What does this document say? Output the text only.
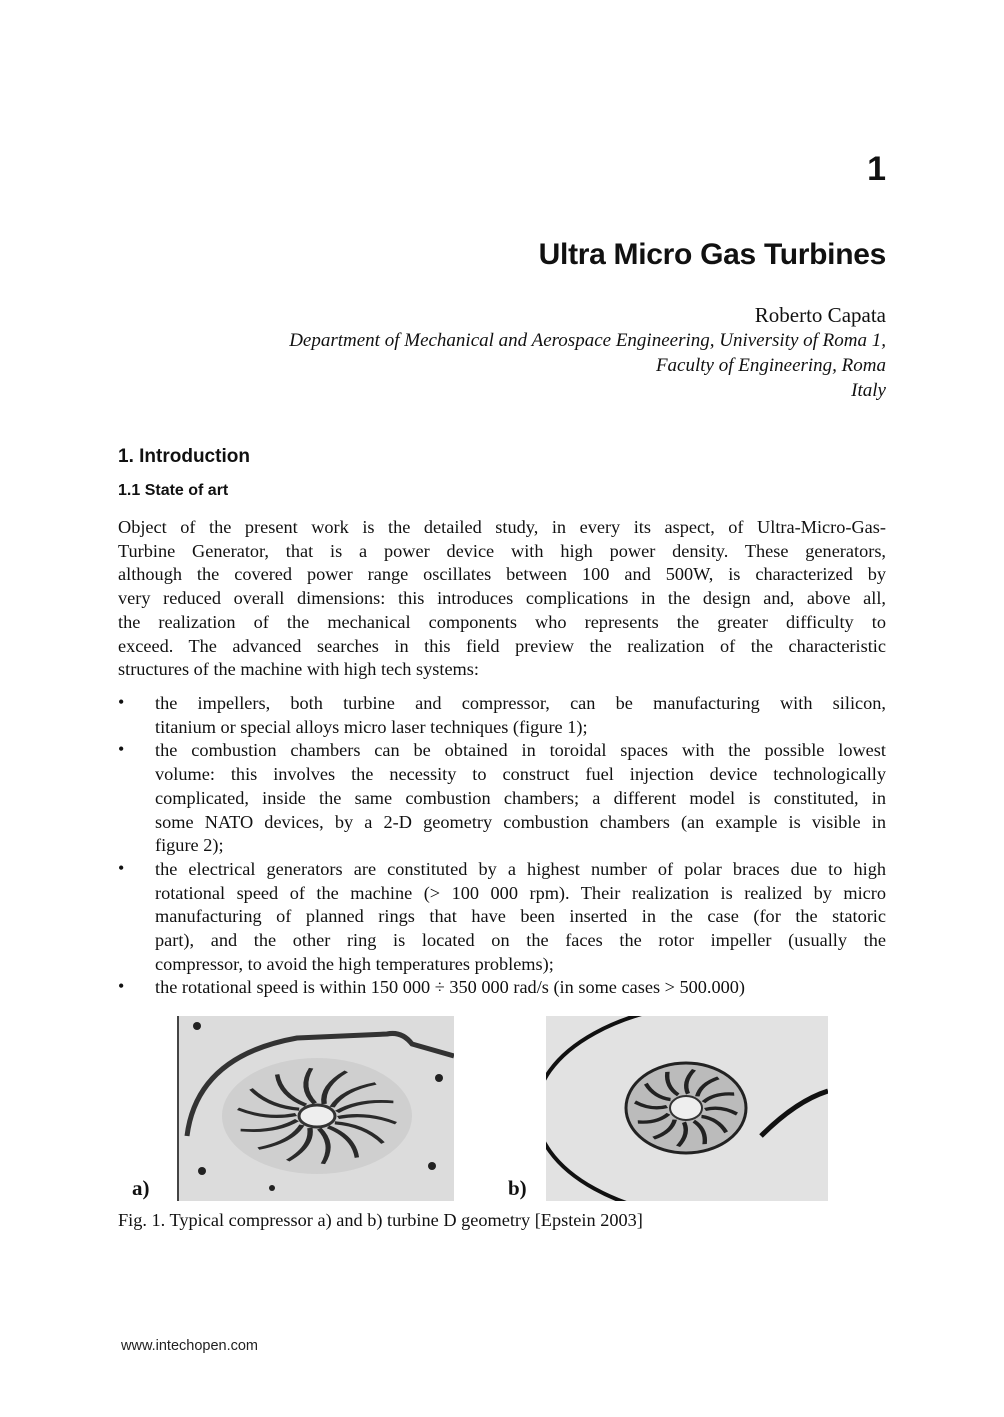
1
Ultra Micro Gas Turbines
Roberto Capata
Department of Mechanical and Aerospace Engineering, University of Roma 1,
Faculty of Engineering, Roma
Italy
1. Introduction
1.1 State of art
Object of the present work is the detailed study, in every its aspect, of Ultra-Micro-Gas-
Turbine Generator, that is a power device with high power density. These generators,
although the covered power range oscillates between 100 and 500W, is characterized by
very reduced overall dimensions: this introduces complications in the design and, above all,
the realization of the mechanical components who represents the greater difficulty to
exceed. The advanced searches in this field preview the realization of the characteristic
structures of the machine with high tech systems:
• the impellers, both turbine and compressor, can be manufacturing with silicon,
titanium or special alloys micro laser techniques (figure 1);
• the combustion chambers can be obtained in toroidal spaces with the possible lowest
volume: this involves the necessity to construct fuel injection device technologically
complicated, inside the same combustion chambers; a different model is constituted, in
some NATO devices, by a 2-D geometry combustion chambers (an example is visible in
figure 2);
• the electrical generators are constituted by a highest number of polar braces due to high
rotational speed of the machine (> 100 000 rpm). Their realization is realized by micro
manufacturing of planned rings that have been inserted in the case (for the statoric
part), and the other ring is located on the faces the rotor impeller (usually the
compressor, to avoid the high temperatures problems);
• the rotational speed is within 150 000 ÷ 350 000 rad/s (in some cases > 500.000)
a)	b)
Fig. 1. Typical compressor a) and b) turbine D geometry [Epstein 2003]
www.intechopen.com
